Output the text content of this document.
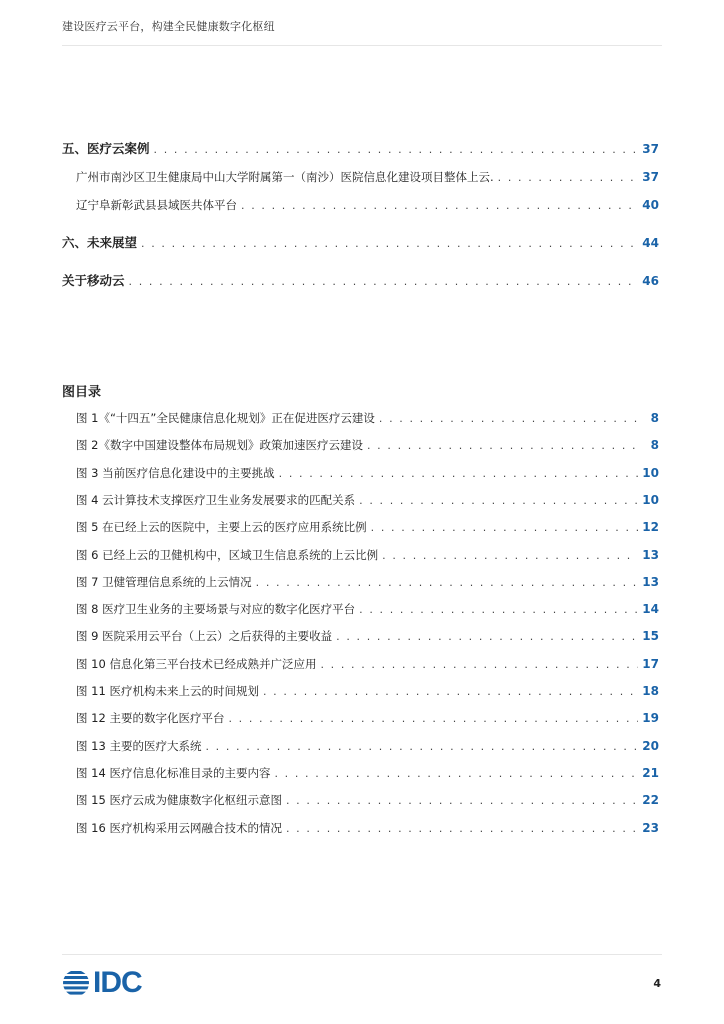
建设医疗云平台，构建全民健康数字化枢纽
五、医疗云案例 . . .	37
广州市南沙区卫生健康局中山大学附属第一（南沙）医院信息化建设项目整体上云. . . .	37
辽宁阜新彰武县县域医共体平台 . . .	40
六、未来展望 . . .	44
关于移动云 . . .	46
图目录
图 1《“十四五”全民健康信息化规划》正在促进医疗云建设 . . .	8
图 2《数字中国建设整体布局规划》政策加速医疗云建设 . . .	8
图 3 当前医疗信息化建设中的主要挑战 . . .	10
图 4 云计算技术支撑医疗卫生业务发展要求的匹配关系 . . .	10
图 5 在已经上云的医院中，主要上云的医疗应用系统比例 . . .	12
图 6 已经上云的卫健机构中，区域卫生信息系统的上云比例 . . .	13
图 7 卫健管理信息系统的上云情况 . . .	13
图 8 医疗卫生业务的主要场景与对应的数字化医疗平台 . . .	14
图 9 医院采用云平台（上云）之后获得的主要收益 . . .	15
图 10 信息化第三平台技术已经成熟并广泛应用 . . .	17
图 11 医疗机构未来上云的时间规划 . . .	18
图 12 主要的数字化医疗平台 . . .	19
图 13 主要的医疗大系统 . . .	20
图 14 医疗信息化标准目录的主要内容 . . .	21
图 15 医疗云成为健康数字化枢纽示意图 . . .	22
图 16 医疗机构采用云网融合技术的情况 . . .	23
IDC	4
